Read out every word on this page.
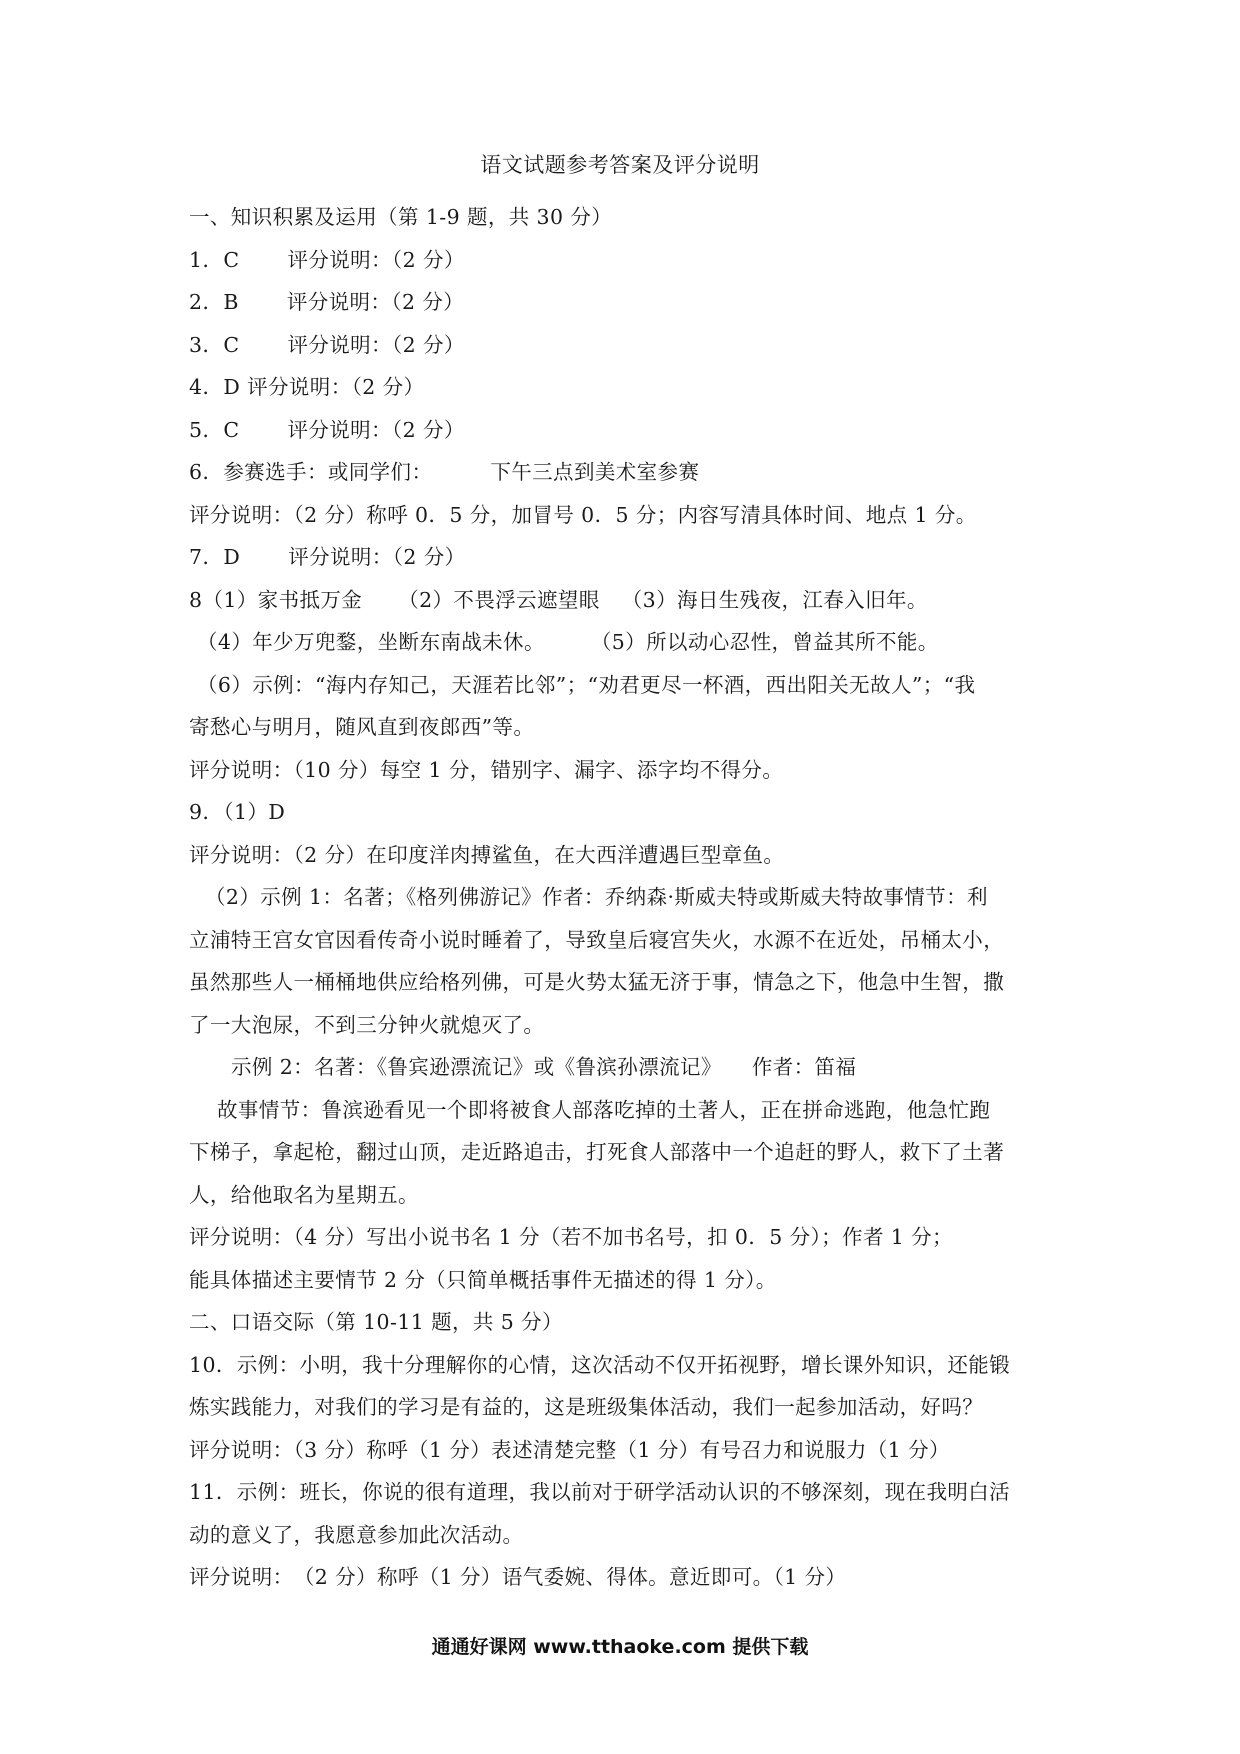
语文试题参考答案及评分说明
一、知识积累及运用（第 1-9 题，共 30 分）
1．C 评分说明：（2 分）
2．B 评分说明：（2 分）
3．C 评分说明：（2 分）
4．D 评分说明：（2 分）
5．C 评分说明：（2 分）
6．参赛选手：或同学们：	下午三点到美术室参赛
评分说明：（2 分）称呼 0．5 分，加冒号 0．5 分；内容写清具体时间、地点 1 分。
7．D 评分说明：（2 分）
8（1）家书抵万金 （2）不畏浮云遮望眼 （3）海日生残夜，江春入旧年。
（4）年少万兜鍪，坐断东南战未休。 （5）所以动心忍性，曾益其所不能。
（6）示例：“海内存知己，天涯若比邻”；“劝君更尽一杯酒，西出阳关无故人”；“我
寄愁心与明月，随风直到夜郎西”等。
评分说明：（10 分）每空 1 分，错别字、漏字、添字均不得分。
9．（1）D
评分说明：（2 分）在印度洋肉搏鲨鱼，在大西洋遭遇巨型章鱼。
（2）示例 1：名著；《格列佛游记》作者：乔纳森·斯威夫特或斯威夫特故事情节：利
立浦特王宫女官因看传奇小说时睡着了，导致皇后寝宫失火，水源不在近处，吊桶太小，
虽然那些人一桶桶地供应给格列佛，可是火势太猛无济于事，情急之下，他急中生智，撒
了一大泡尿，不到三分钟火就熄灭了。
示例 2：名著：《鲁宾逊漂流记》或《鲁滨孙漂流记》 作者：笛福
故事情节：鲁滨逊看见一个即将被食人部落吃掉的土著人，正在拼命逃跑，他急忙跑
下梯子，拿起枪，翻过山顶，走近路追击，打死食人部落中一个追赶的野人，救下了土著
人，给他取名为星期五。
评分说明：（4 分）写出小说书名 1 分（若不加书名号，扣 0．5 分）；作者 1 分；
能具体描述主要情节 2 分（只简单概括事件无描述的得 1 分）。
二、口语交际（第 10-11 题，共 5 分）
10．示例：小明，我十分理解你的心情，这次活动不仅开拓视野，增长课外知识，还能锻
炼实践能力，对我们的学习是有益的，这是班级集体活动，我们一起参加活动，好吗？
评分说明：（3 分）称呼（1 分）表述清楚完整（1 分）有号召力和说服力（1 分）
11．示例：班长，你说的很有道理，我以前对于研学活动认识的不够深刻，现在我明白活
动的意义了，我愿意参加此次活动。
评分说明：　（2 分）称呼（1 分）语气委婉、得体。意近即可。（1 分）
通通好课网 www.tthaoke.com 提供下载
